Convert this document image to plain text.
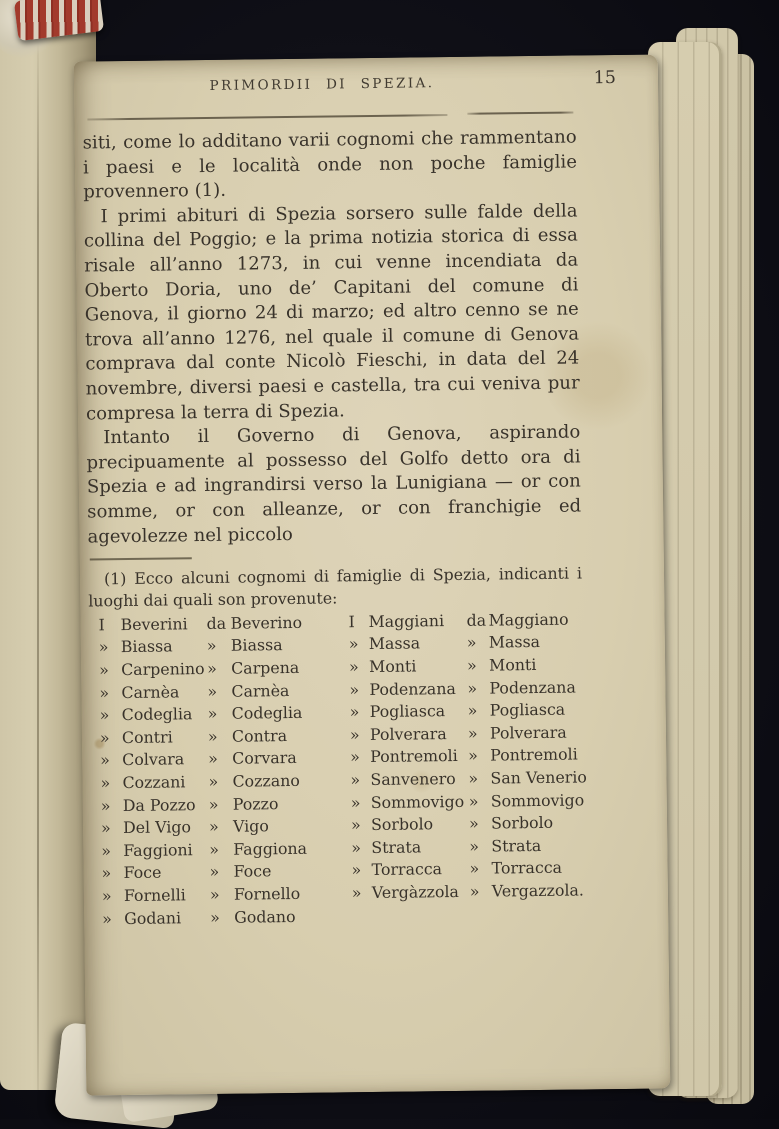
PRIMORDII DI SPEZIA.	15

siti, come lo additano varii cognomi che rammentano i paesi e le località onde non poche famiglie provennero (1).

I primi abituri di Spezia sorsero sulle falde della collina del Poggio; e la prima notizia storica di essa risale all’anno 1273, in cui venne incendiata da Oberto Doria, uno de’ Capitani del comune di Genova, il giorno 24 di marzo; ed altro cenno se ne trova all’anno 1276, nel quale il comune di Genova comprava dal conte Nicolò Fieschi, in data del 24 novembre, diversi paesi e castella, tra cui veniva pur compresa la terra di Spezia.

Intanto il Governo di Genova, aspirando precipuamente al possesso del Golfo detto ora di Spezia e ad ingrandirsi verso la Lunigiana — or con somme, or con alleanze, or con franchigie ed agevolezze nel piccolo

(1) Ecco alcuni cognomi di famiglie di Spezia, indicanti i luoghi dai quali son provenute:

I Beverini	da Beverino
» Biassa	» Biassa
» Carpenino » Carpena
» Carnèa	» Carnèa
» Codeglia » Codeglia
» Contri	» Contra
» Colvara	» Corvara
» Cozzani	» Cozzano
» Da Pozzo » Pozzo
» Del Vigo	» Vigo
» Faggioni	» Faggiona
» Foce	» Foce
» Fornelli	» Fornello
» Godani	» Godano
I Maggiani	da Maggiano
» Massa	» Massa
» Monti	» Monti
» Podenzana » Podenzana
» Pogliasca	» Pogliasca
» Polverara	» Polverara
» Pontremoli » Pontremoli
» Sanvenero » San Venerio
» Sommovigo » Sommovigo
» Sorbolo	» Sorbolo
» Strata	» Strata
» Torracca	» Torracca
» Vergàzzola » Vergazzola.
